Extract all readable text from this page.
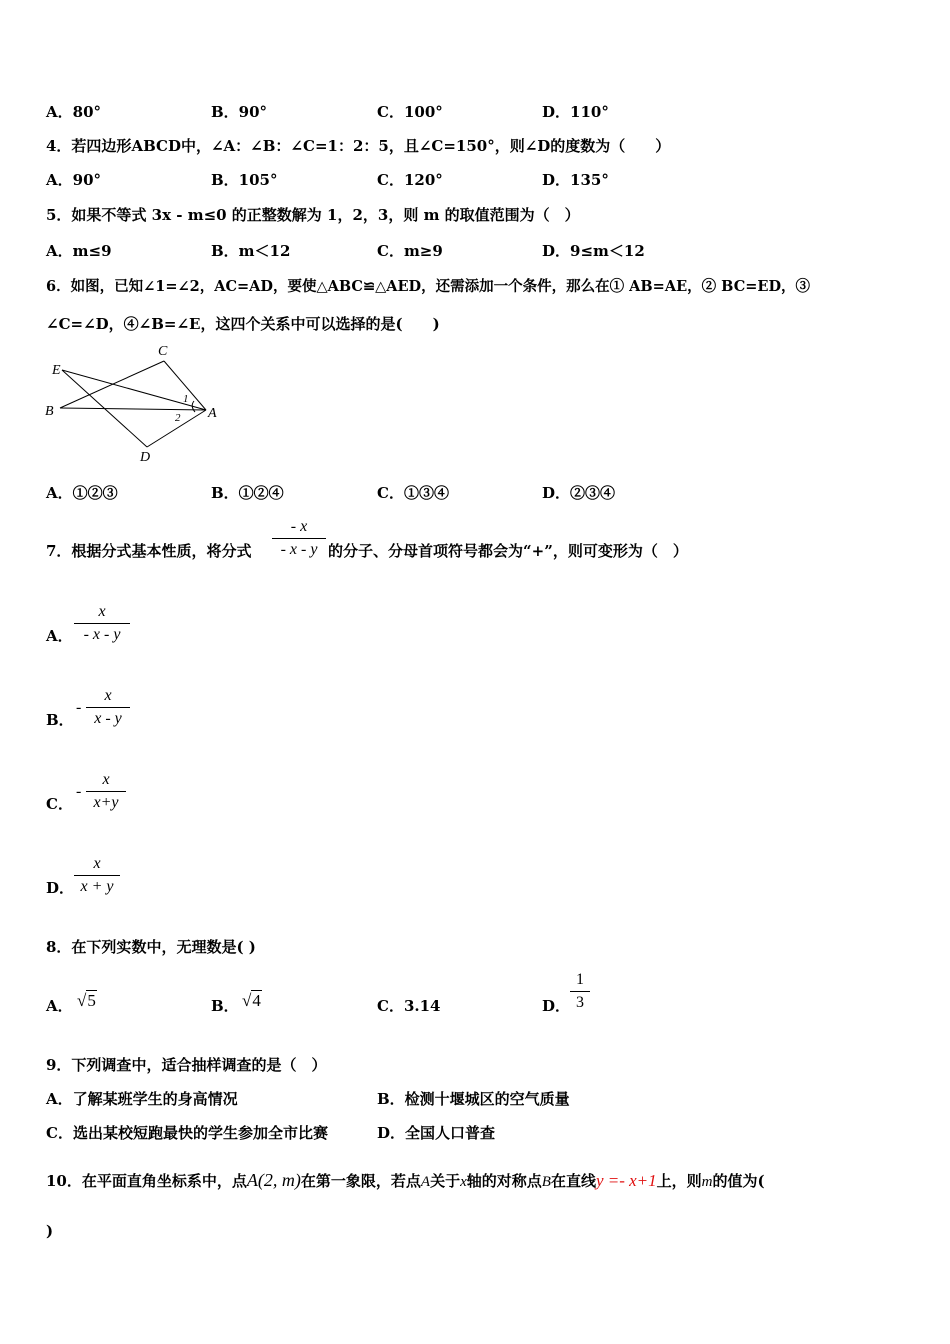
A．80°	B．90°	C．100°	D．110°
4．若四边形ABCD中，∠A：∠B：∠C=1：2：5，且∠C=150°，则∠D的度数为（　　）
A．90°	B．105°	C．120°	D．135°
5．如果不等式 3x - m≤0 的正整数解为 1，2，3，则 m 的取值范围为（　）
A．m≤9	B．m＜12	C．m≥9	D．9≤m＜12
6．如图，已知∠1=∠2，AC=AD，要使△ABC≌△AED，还需添加一个条件，那么在① AB=AE，② BC=ED，③
∠C=∠D，④∠B=∠E，这四个关系中可以选择的是(　　)
C
E
B	A
D
1
2
A．①②③	B．①②④	C．①③④	D．②③④
7．根据分式基本性质，将分式
- x
- x - y 的分子、分母首项符号都会为“+”，则可变形为（　）
A．
x
- x - y
B．
-
x
x - y
C．
-
x
x+y
D．
x
x + y
8．在下列实数中，无理数是( )
A． √5	B． √4	C．3.14	D．
1
3
9．下列调查中，适合抽样调查的是（　）
A．了解某班学生的身高情况	B．检测十堰城区的空气质量
C．选出某校短跑最快的学生参加全市比赛	D．全国人口普查
10．在平面直角坐标系中，点A(2, m)在第一象限，若点A关于x轴的对称点B在直线y =- x+1上，则m的值为(
)
